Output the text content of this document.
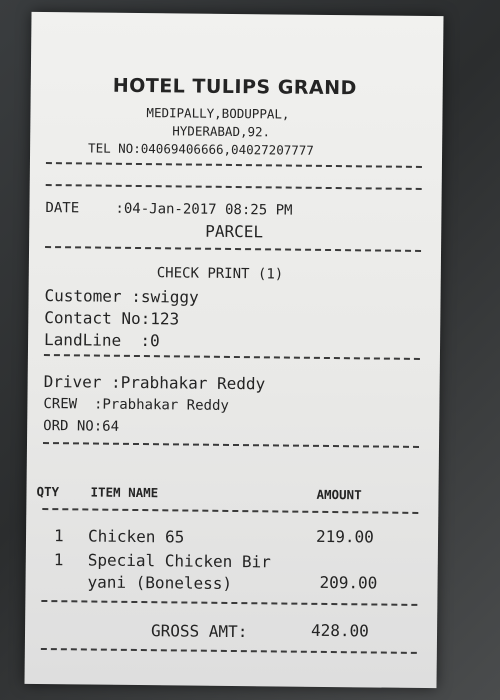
HOTEL TULIPS GRAND
MEDIPALLY,BODUPPAL,
HYDERABAD,92.
TEL NO:04069406666,04027207777
DATE	:04-Jan-2017 08:25 PM
PARCEL
CHECK PRINT (1)
Customer :swiggy
Contact No:123
LandLine  :0
Driver :Prabhakar Reddy
CREW  :Prabhakar Reddy
ORD NO:64
QTY	ITEM NAME	AMOUNT
1 Chicken 65	219.00
1 Special Chicken Bir
yani (Boneless)	209.00
GROSS AMT:	428.00
